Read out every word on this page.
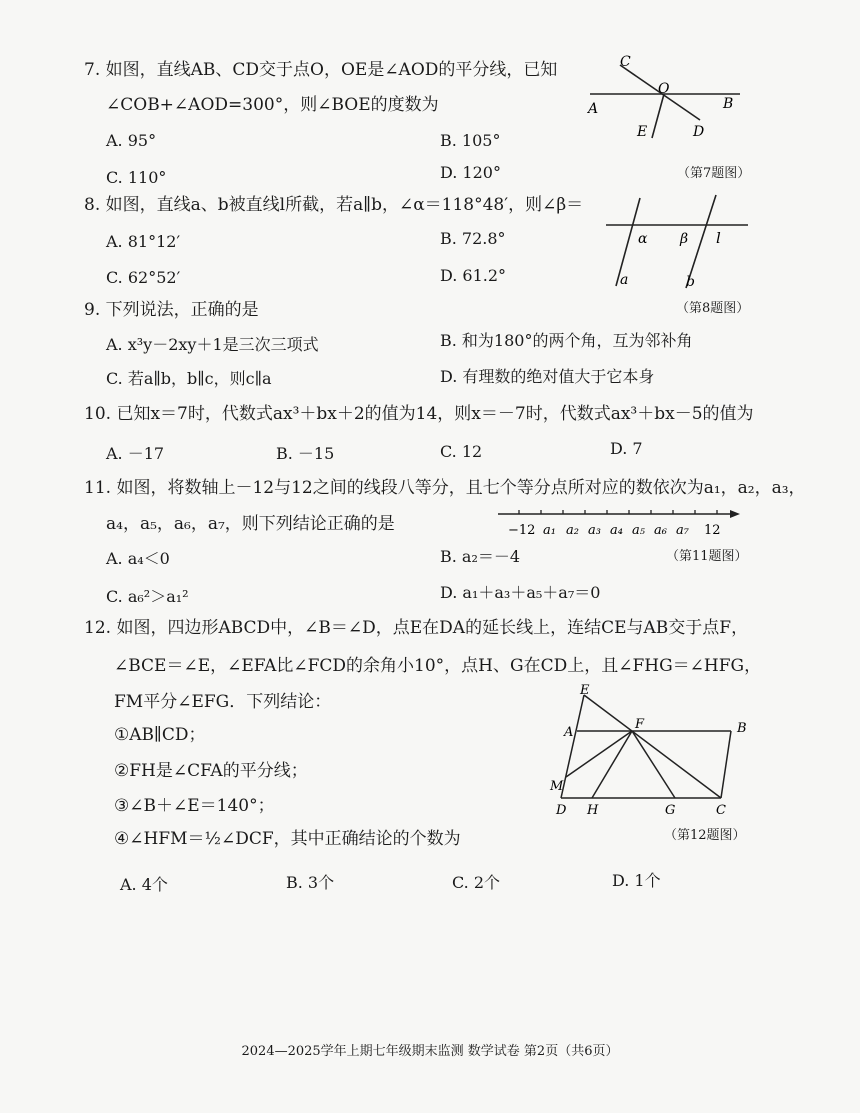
7. 如图，直线AB、CD交于点O，OE是∠AOD的平分线，已知
∠COB+∠AOD=300°，则∠BOE的度数为
A. 95°	B. 105°
C. 110°	D. 120°	（第7题图）
C
O
A	B
E	D
8. 如图，直线a、b被直线l所截，若a∥b，∠α＝118°48′，则∠β＝
A. 81°12′	B. 72.8°
C. 62°52′	D. 61.2°
（第8题图）
α β l
a	b
9. 下列说法，正确的是
A. x³y－2xy＋1是三次三项式	B. 和为180°的两个角，互为邻补角
C. 若a∥b，b∥c，则c∥a	D. 有理数的绝对值大于它本身
10. 已知x＝7时，代数式ax³＋bx＋2的值为14，则x＝－7时，代数式ax³＋bx－5的值为
A. －17	B. －15	C. 12	D. 7
11. 如图，将数轴上－12与12之间的线段八等分，且七个等分点所对应的数依次为a₁，a₂，a₃，
a₄，a₅，a₆，a₇，则下列结论正确的是
A. a₄＜0	B. a₂＝－4
C. a₆²＞a₁²	D. a₁＋a₃＋a₅＋a₇＝0
（第11题图）
−12 a₁ a₂ a₃ a₄ a₅ a₆ a₇ 12
12. 如图，四边形ABCD中，∠B＝∠D，点E在DA的延长线上，连结CE与AB交于点F，
∠BCE＝∠E，∠EFA比∠FCD的余角小10°，点H、G在CD上，且∠FHG＝∠HFG，
FM平分∠EFG．下列结论：
①AB∥CD；
②FH是∠CFA的平分线；
③∠B＋∠E＝140°；
④∠HFM＝½∠DCF，其中正确结论的个数为
A. 4个	B. 3个	C. 2个	D. 1个
（第12题图）
E
A
F	B
M
D H	G	C
2024—2025学年上期七年级期末监测 数学试卷 第2页（共6页）
